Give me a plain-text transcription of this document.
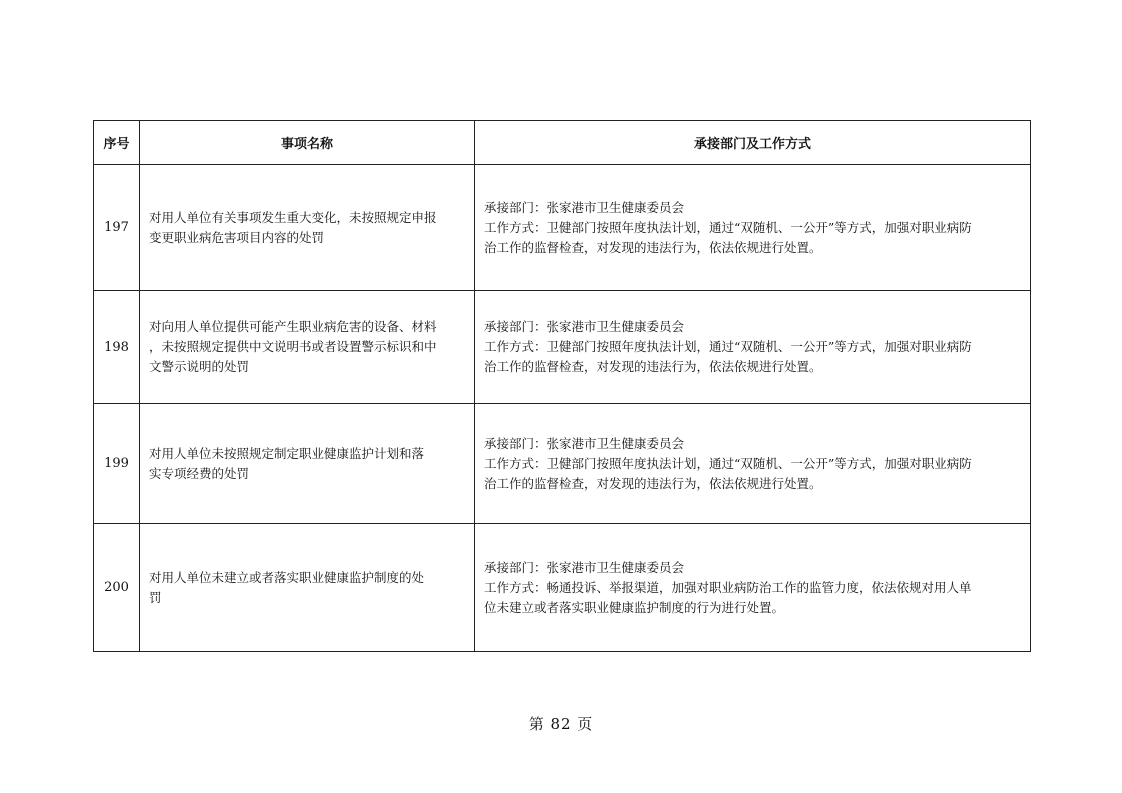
序号	事项名称	承接部门及工作方式
197	对用人单位有关事项发生重大变化，未按照规定申报
变更职业病危害项目内容的处罚	承接部门：张家港市卫生健康委员会
工作方式：卫健部门按照年度执法计划，通过“双随机、一公开”等方式，加强对职业病防
治工作的监督检查，对发现的违法行为，依法依规进行处置。

198	对向用人单位提供可能产生职业病危害的设备、材料
，未按照规定提供中文说明书或者设置警示标识和中
文警示说明的处罚	承接部门：张家港市卫生健康委员会
工作方式：卫健部门按照年度执法计划，通过“双随机、一公开”等方式，加强对职业病防
治工作的监督检查，对发现的违法行为，依法依规进行处置。

199	对用人单位未按照规定制定职业健康监护计划和落
实专项经费的处罚	承接部门：张家港市卫生健康委员会
工作方式：卫健部门按照年度执法计划，通过“双随机、一公开”等方式，加强对职业病防
治工作的监督检查，对发现的违法行为，依法依规进行处置。

200	对用人单位未建立或者落实职业健康监护制度的处
罚	承接部门：张家港市卫生健康委员会
工作方式：畅通投诉、举报渠道，加强对职业病防治工作的监管力度，依法依规对用人单
位未建立或者落实职业健康监护制度的行为进行处置。
第 82 页
